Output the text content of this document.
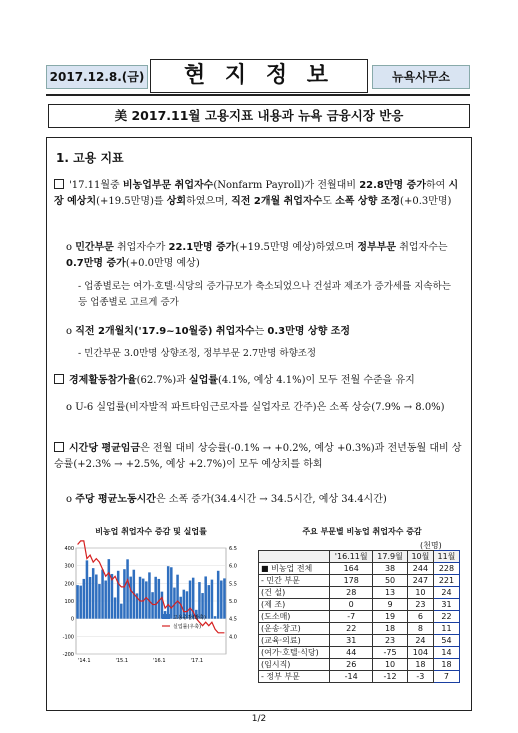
2017.12.8.(금)	현 지 정 보	뉴욕사무소
美 2017.11월 고용지표 내용과 뉴욕 금융시장 반응
1. 고용 지표
'17.11월중 비농업부문 취업자수(Nonfarm Payroll)가 전월대비 22.8만명 증가하여 시장 예상치(+19.5만명)를 상회하였으며, 직전 2개월 취업자수도 소폭 상향 조정(+0.3만명)
o 민간부문 취업자수가 22.1만명 증가(+19.5만명 예상)하였으며 정부부문 취업자수는 0.7만명 증가(+0.0만명 예상)
- 업종별로는 여가·호텔·식당의 증가규모가 축소되었으나 건설과 제조가 증가세를 지속하는 등 업종별로 고르게 증가
o 직전 2개월치('17.9~10월중) 취업자수는 0.3만명 상향 조정
- 민간부문 3.0만명 상향조정, 정부부문 2.7만명 하향조정
경제활동참가율(62.7%)과 실업률(4.1%, 예상 4.1%)이 모두 전월 수준을 유지
o U-6 실업률(비자발적 파트타임근로자를 실업자로 간주)은 소폭 상승(7.9% → 8.0%)
시간당 평균임금은 전월 대비 상승률(-0.1% → +0.2%, 예상 +0.3%)과 전년동월 대비 상승률(+2.3% → +2.5%, 예상 +2.7%)이 모두 예상치를 하회
o 주당 평균노동시간은 소폭 증가(34.4시간 → 34.5시간, 예상 34.4시간)
비농업 취업자수 증감 및 실업률
400
300
200
100
0
-100
-200
6.5
6.0
5.5
5.0
4.5
4.0
'14.1	'15.1	'16.1	'17.1
고용증감(좌축)
실업률(우축)
주요 부문별 비농업 취업자수 증감
(천명)
	'16.11월	17.9월	10월	11월
■ 비농업 전체	164	38	244	228
- 민간 부문	178	50	247	221
(건 설)	28	13	10	24
(제 조)	0	9	23	31
(도소매)	-7	19	6	22
(운송·창고)	22	18	8	11
(교육·의료)	31	23	24	54
(여가·호텔·식당)	44	-75	104	14
(임시직)	26	10	18	18
- 정부 부문	-14	-12	-3	7
1/2
